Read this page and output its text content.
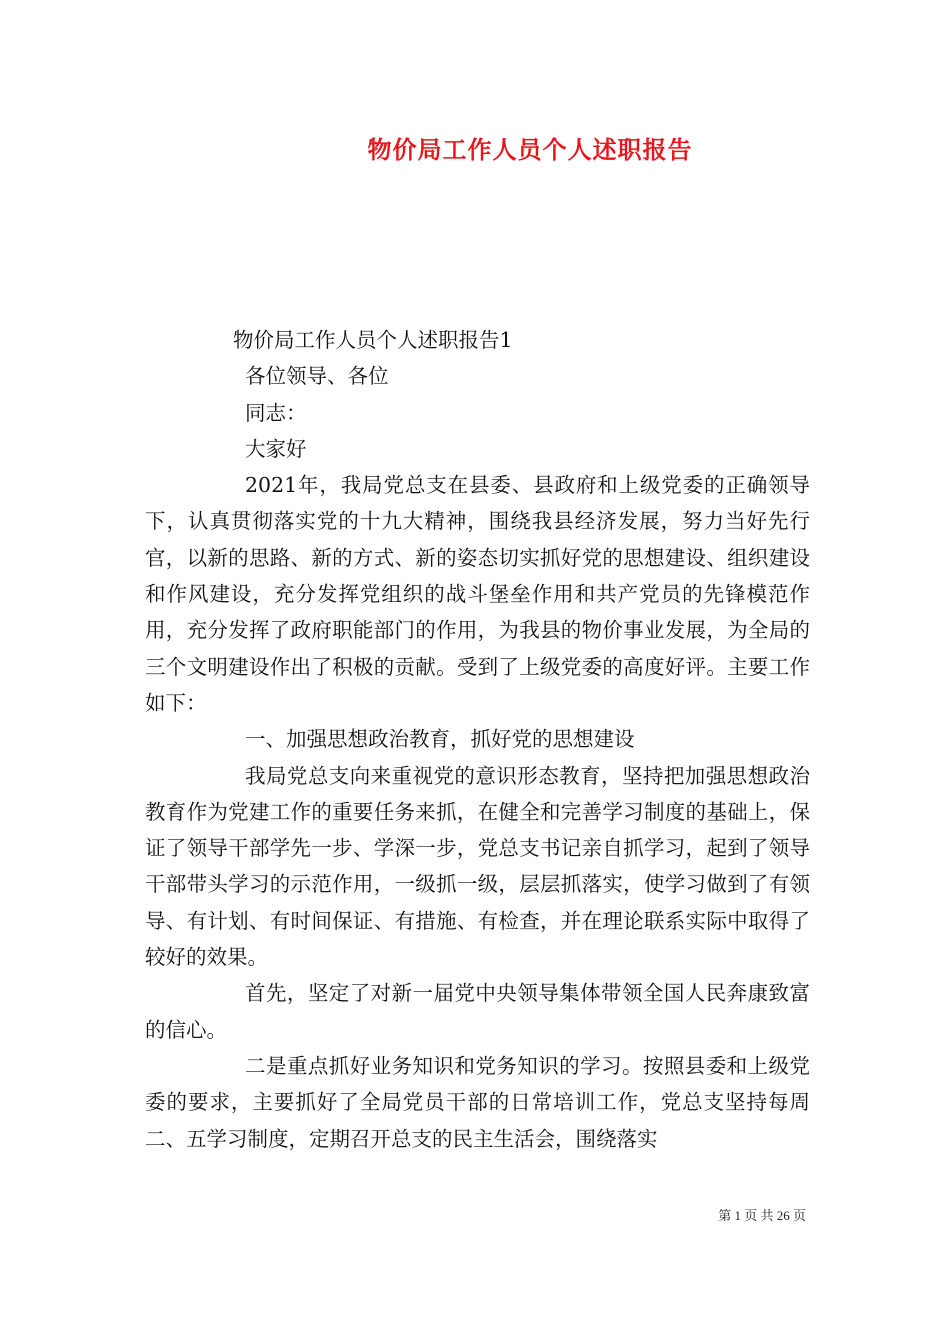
物价局工作人员个人述职报告

物价局工作人员个人述职报告1

各位领导、各位

同志：

大家好

2021年，我局党总支在县委、县政府和上级党委的正确领导下，认真贯彻落实党的十九大精神，围绕我县经济发展，努力当好先行官，以新的思路、新的方式、新的姿态切实抓好党的思想建设、组织建设和作风建设，充分发挥党组织的战斗堡垒作用和共产党员的先锋模范作用，充分发挥了政府职能部门的作用，为我县的物价事业发展，为全局的三个文明建设作出了积极的贡献。受到了上级党委的高度好评。主要工作如下：

一、加强思想政治教育，抓好党的思想建设

我局党总支向来重视党的意识形态教育，坚持把加强思想政治教育作为党建工作的重要任务来抓，在健全和完善学习制度的基础上，保证了领导干部学先一步、学深一步，党总支书记亲自抓学习，起到了领导干部带头学习的示范作用，一级抓一级，层层抓落实，使学习做到了有领导、有计划、有时间保证、有措施、有检查，并在理论联系实际中取得了较好的效果。

首先，坚定了对新一届党中央领导集体带领全国人民奔康致富的信心。

二是重点抓好业务知识和党务知识的学习。按照县委和上级党委的要求，主要抓好了全局党员干部的日常培训工作，党总支坚持每周二、五学习制度，定期召开总支的民主生活会，围绕落实

第 1 页 共 26 页
